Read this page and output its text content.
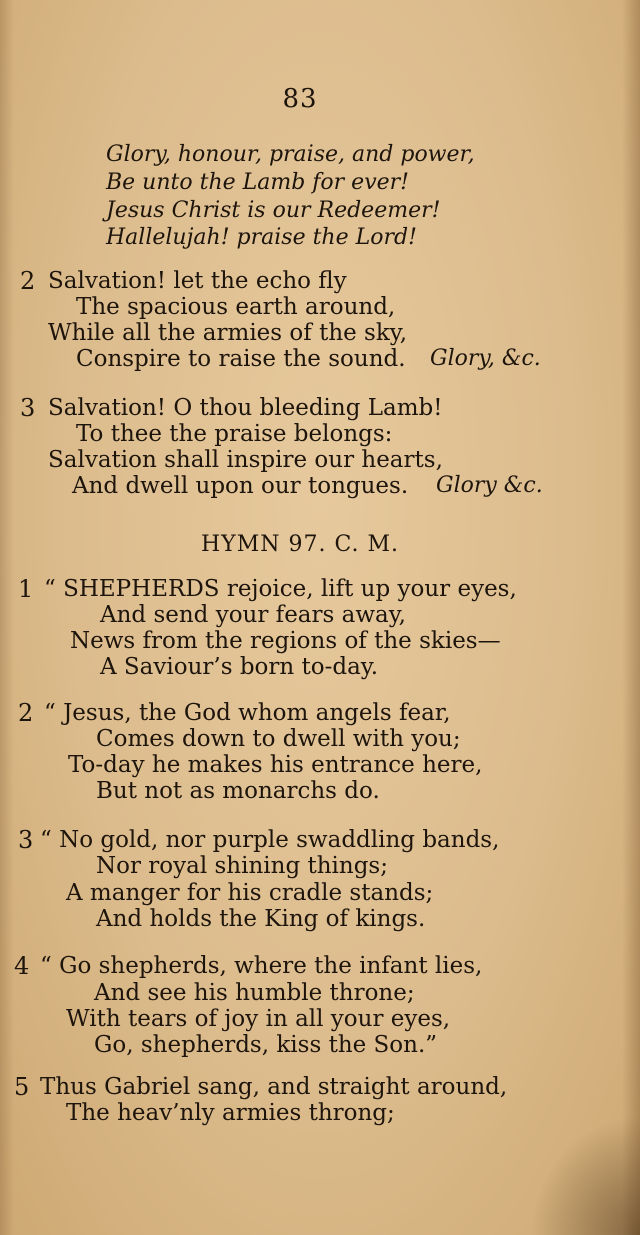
83
Glory, honour, praise, and power,
Be unto the Lamb for ever!
Jesus Christ is our Redeemer!
Hallelujah! praise the Lord!
2 Salvation! let the echo fly
The spacious earth around,
While all the armies of the sky,
Conspire to raise the sound. Glory, &c.
3 Salvation! O thou bleeding Lamb!
To thee the praise belongs:
Salvation shall inspire our hearts,
And dwell upon our tongues. Glory &c.
HYMN 97. C. M.
1 “ SHEPHERDS rejoice, lift up your eyes,
And send your fears away,
News from the regions of the skies—
A Saviour’s born to-day.
2 “ Jesus, the God whom angels fear,
Comes down to dwell with you;
To-day he makes his entrance here,
But not as monarchs do.
3 “ No gold, nor purple swaddling bands,
Nor royal shining things;
A manger for his cradle stands;
And holds the King of kings.
4 “ Go shepherds, where the infant lies,
And see his humble throne;
With tears of joy in all your eyes,
Go, shepherds, kiss the Son.”
5 Thus Gabriel sang, and straight around,
The heav’nly armies throng;
